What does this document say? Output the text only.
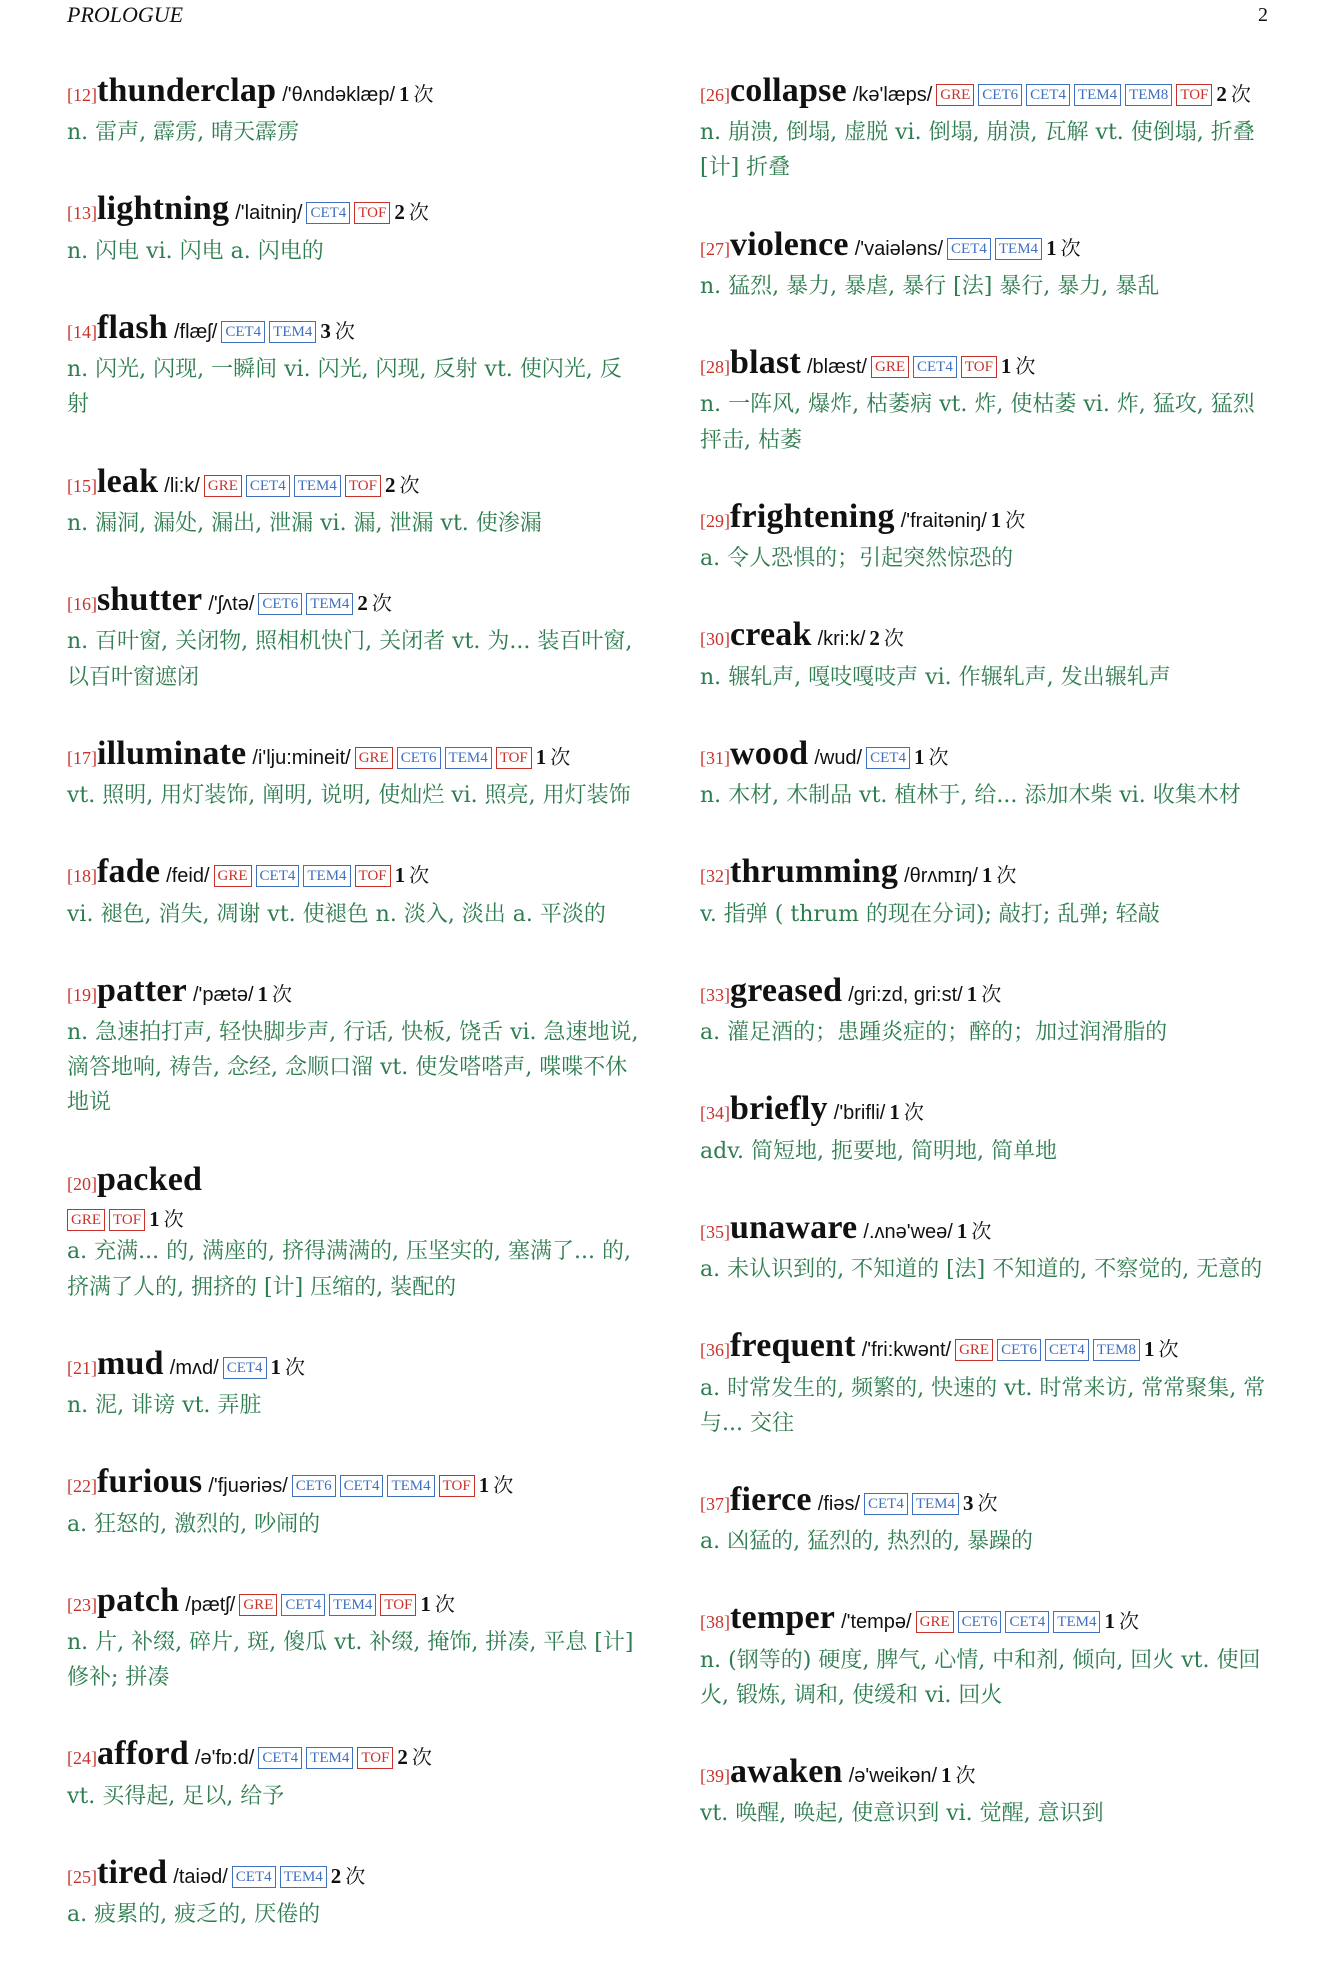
PROLOGUE	2
[12]thunderclap /'θʌndəklæp/ 1 次
n. 雷声, 霹雳, 晴天霹雳
[13]lightning /'laitniŋ/ CET4 TOF 2 次
n. 闪电 vi. 闪电 a. 闪电的
[14]flash /flæʃ/ CET4 TEM4 3 次
n. 闪光, 闪现, 一瞬间 vi. 闪光, 闪现, 反射 vt. 使闪光, 反射
[15]leak /li:k/ GRE CET4 TEM4 TOF 2 次
n. 漏洞, 漏处, 漏出, 泄漏 vi. 漏, 泄漏 vt. 使渗漏
[16]shutter /'ʃʌtə/ CET6 TEM4 2 次
n. 百叶窗, 关闭物, 照相机快门, 关闭者 vt. 为... 装百叶窗, 以百叶窗遮闭
[17]illuminate /i'lju:mineit/ GRE CET6 TEM4 TOF 1 次
vt. 照明, 用灯装饰, 阐明, 说明, 使灿烂 vi. 照亮, 用灯装饰
[18]fade /feid/ GRE CET4 TEM4 TOF 1 次
vi. 褪色, 消失, 凋谢 vt. 使褪色 n. 淡入, 淡出 a. 平淡的
[19]patter /'pætə/ 1 次
n. 急速拍打声, 轻快脚步声, 行话, 快板, 饶舌 vi. 急速地说, 滴答地响, 祷告, 念经, 念顺口溜 vt. 使发嗒嗒声, 喋喋不休地说
[20]packed
GRE TOF 1 次
a. 充满... 的, 满座的, 挤得满满的, 压坚实的, 塞满了... 的, 挤满了人的, 拥挤的 [计] 压缩的, 装配的
[21]mud /mʌd/ CET4 1 次
n. 泥, 诽谤 vt. 弄脏
[22]furious /'fjuəriəs/ CET6 CET4 TEM4 TOF 1 次
a. 狂怒的, 激烈的, 吵闹的
[23]patch /pætʃ/ GRE CET4 TEM4 TOF 1 次
n. 片, 补缀, 碎片, 斑, 傻瓜 vt. 补缀, 掩饰, 拼凑, 平息 [计] 修补; 拼凑
[24]afford /ə'fɒ:d/ CET4 TEM4 TOF 2 次
vt. 买得起, 足以, 给予
[25]tired /taiəd/ CET4 TEM4 2 次
a. 疲累的, 疲乏的, 厌倦的
[26]collapse /kə'læps/ GRE CET6 CET4 TEM4 TEM8 TOF 2 次
n. 崩溃, 倒塌, 虚脱 vi. 倒塌, 崩溃, 瓦解 vt. 使倒塌, 折叠 [计] 折叠
[27]violence /'vaiələns/ CET4 TEM4 1 次
n. 猛烈, 暴力, 暴虐, 暴行 [法] 暴行, 暴力, 暴乱
[28]blast /blæst/ GRE CET4 TOF 1 次
n. 一阵风, 爆炸, 枯萎病 vt. 炸, 使枯萎 vi. 炸, 猛攻, 猛烈抨击, 枯萎
[29]frightening /'fraitəniŋ/ 1 次
a. 令人恐惧的；引起突然惊恐的
[30]creak /kri:k/ 2 次
n. 辗轧声, 嘎吱嘎吱声 vi. 作辗轧声, 发出辗轧声
[31]wood /wud/ CET4 1 次
n. 木材, 木制品 vt. 植林于, 给... 添加木柴 vi. 收集木材
[32]thrumming /θrʌmɪŋ/ 1 次
v. 指弹 ( thrum 的现在分词); 敲打; 乱弹; 轻敲
[33]greased /gri:zd, gri:st/ 1 次
a. 灌足酒的；患踵炎症的；醉的；加过润滑脂的
[34]briefly /'brifli/ 1 次
adv. 简短地, 扼要地, 简明地, 简单地
[35]unaware /.ʌnə'weə/ 1 次
a. 未认识到的, 不知道的 [法] 不知道的, 不察觉的, 无意的
[36]frequent /'fri:kwənt/ GRE CET6 CET4 TEM8 1 次
a. 时常发生的, 频繁的, 快速的 vt. 时常来访, 常常聚集, 常与... 交往
[37]fierce /fiəs/ CET4 TEM4 3 次
a. 凶猛的, 猛烈的, 热烈的, 暴躁的
[38]temper /'tempə/ GRE CET6 CET4 TEM4 1 次
n. (钢等的) 硬度, 脾气, 心情, 中和剂, 倾向, 回火 vt. 使回火, 锻炼, 调和, 使缓和 vi. 回火
[39]awaken /ə'weikən/ 1 次
vt. 唤醒, 唤起, 使意识到 vi. 觉醒, 意识到
